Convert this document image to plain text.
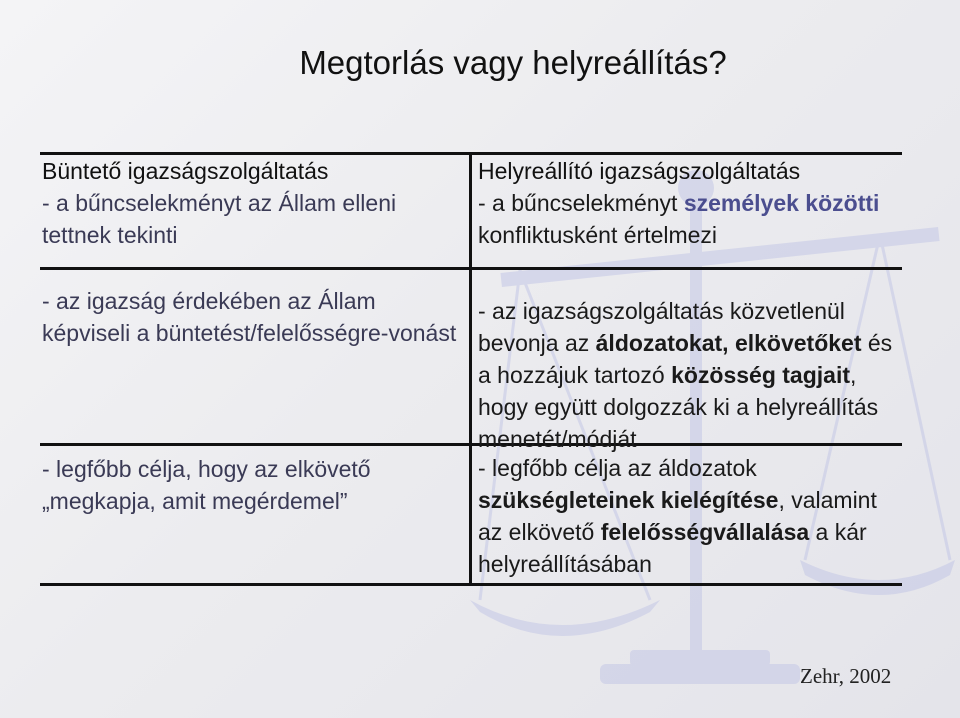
Megtorlás vagy helyreállítás?
Büntető igazságszolgáltatás
- a bűncselekményt az Állam elleni tettnek tekinti
- az igazság érdekében az Állam képviseli a büntetést/felelősségre-vonást
- legfőbb célja, hogy az elkövető „megkapja, amit megérdemel”
Helyreállító igazságszolgáltatás
- a bűncselekményt személyek közötti konfliktusként értelmezi
- az igazságszolgáltatás közvetlenül bevonja az áldozatokat, elkövetőket és a hozzájuk tartozó közösség tagjait, hogy együtt dolgozzák ki a helyreállítás menetét/módját
- legfőbb célja az áldozatok szükségleteinek kielégítése, valamint az elkövető felelősségvállalása a kár helyreállításában
Zehr, 2002
